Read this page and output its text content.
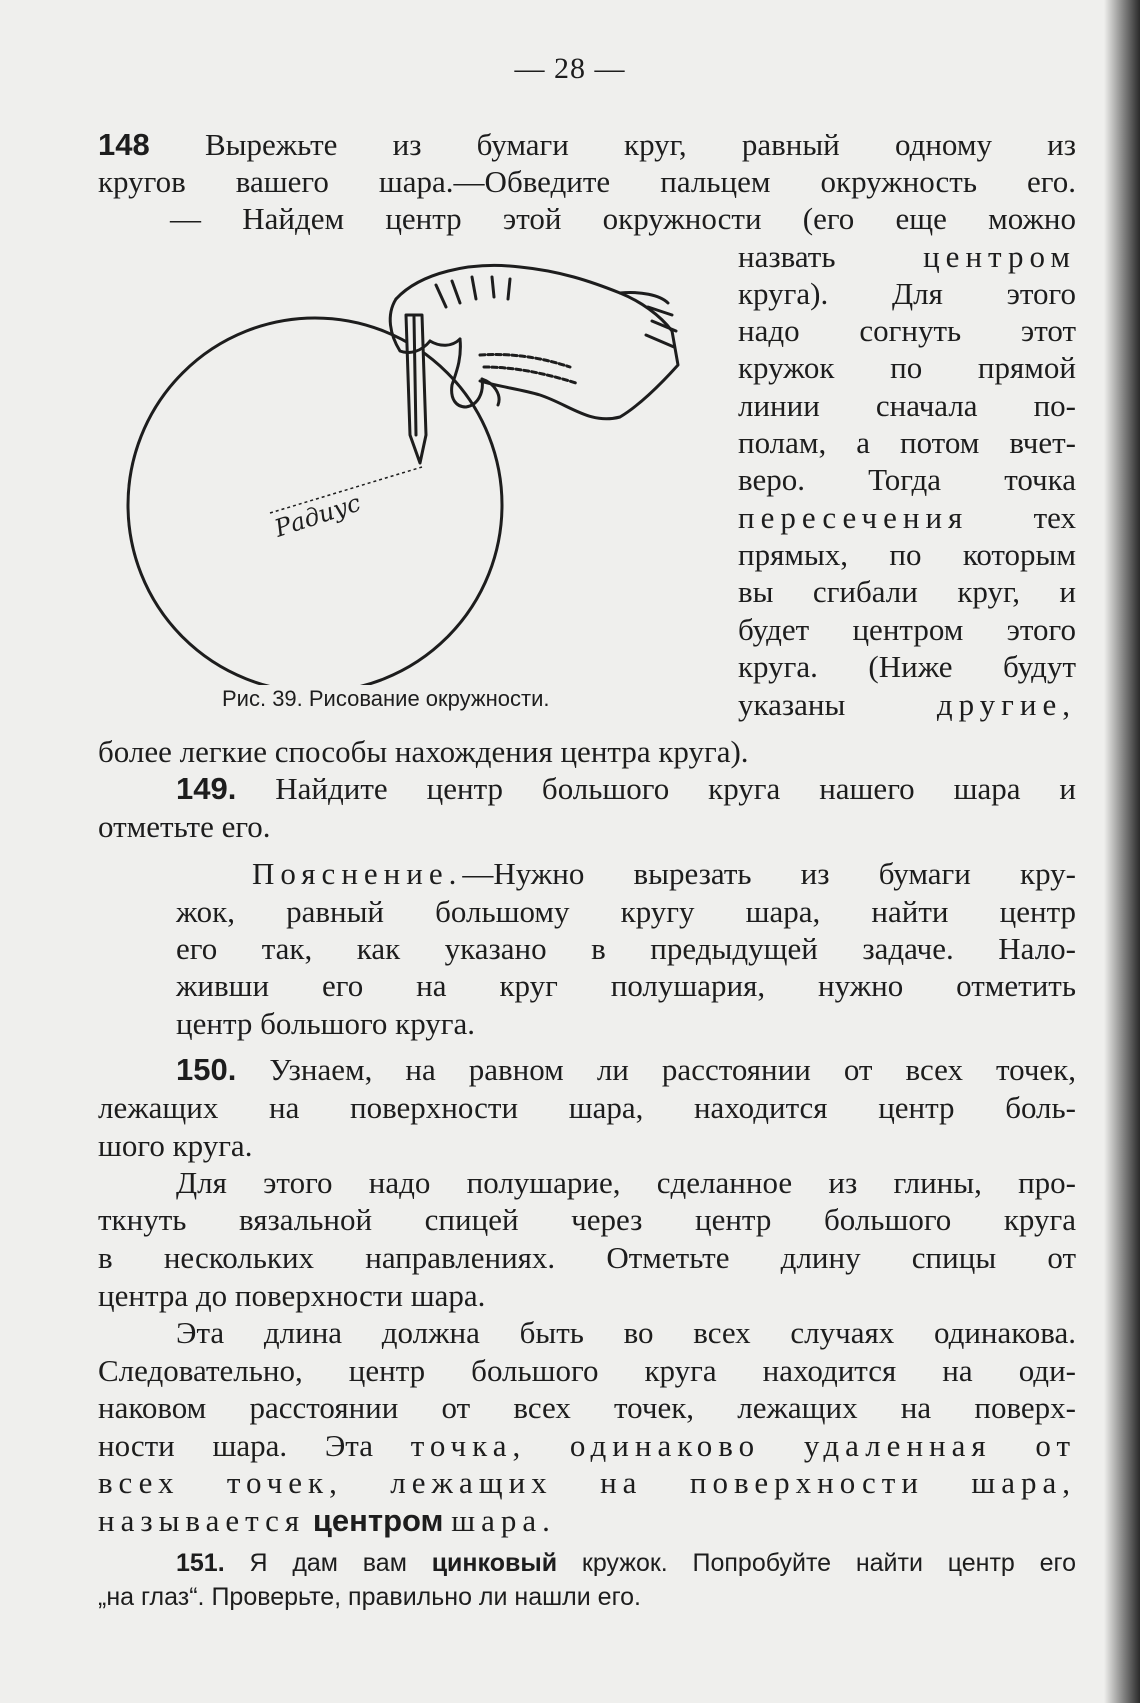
— 28 —
148 Вырежьте из бумаги круг, равный одному из
кругов вашего шара.—Обведите пальцем окружность его.
— Найдем центр этой окружности (его еще можно
назвать	центром
круга). Для этого
надо согнуть этот
кружок по прямой
линии сначала по-
полам, а потом вчет-
веро. Тогда точка
пересечения тех
прямых, по которым
вы сгибали круг, и
будет центром этого
круга. (Ниже будут
указаны	другие,
более легкие способы нахождения центра круга).
Радиус
Рис. 39. Рисование окружности.
149. Найдите центр большого круга нашего шара и
отметьте его.
Пояснение.—Нужно вырезать из бумаги кру-
жок, равный большому кругу шара, найти центр
его так, как указано в предыдущей задаче. Нало-
живши его на круг полушария, нужно отметить
центр большого круга.
150. Узнаем, на равном ли расстоянии от всех точек,
лежащих на поверхности шара, находится центр боль-
шого круга.
Для этого надо полушарие, сделанное из глины, про-
ткнуть вязальной спицей через центр большого круга
в нескольких направлениях. Отметьте длину спицы от
центра до поверхности шара.
Эта длина должна быть во всех случаях одинакова.
Следовательно, центр большого круга находится на оди-
наковом расстоянии от всех точек, лежащих на поверх-
ности шара. Эта точка, одинаково удаленная от
всех точек, лежащих на поверхности шара,
называется центром шара.
151. Я дам вам цинковый кружок. Попробуйте найти центр его
„на глаз“. Проверьте, правильно ли нашли его.
